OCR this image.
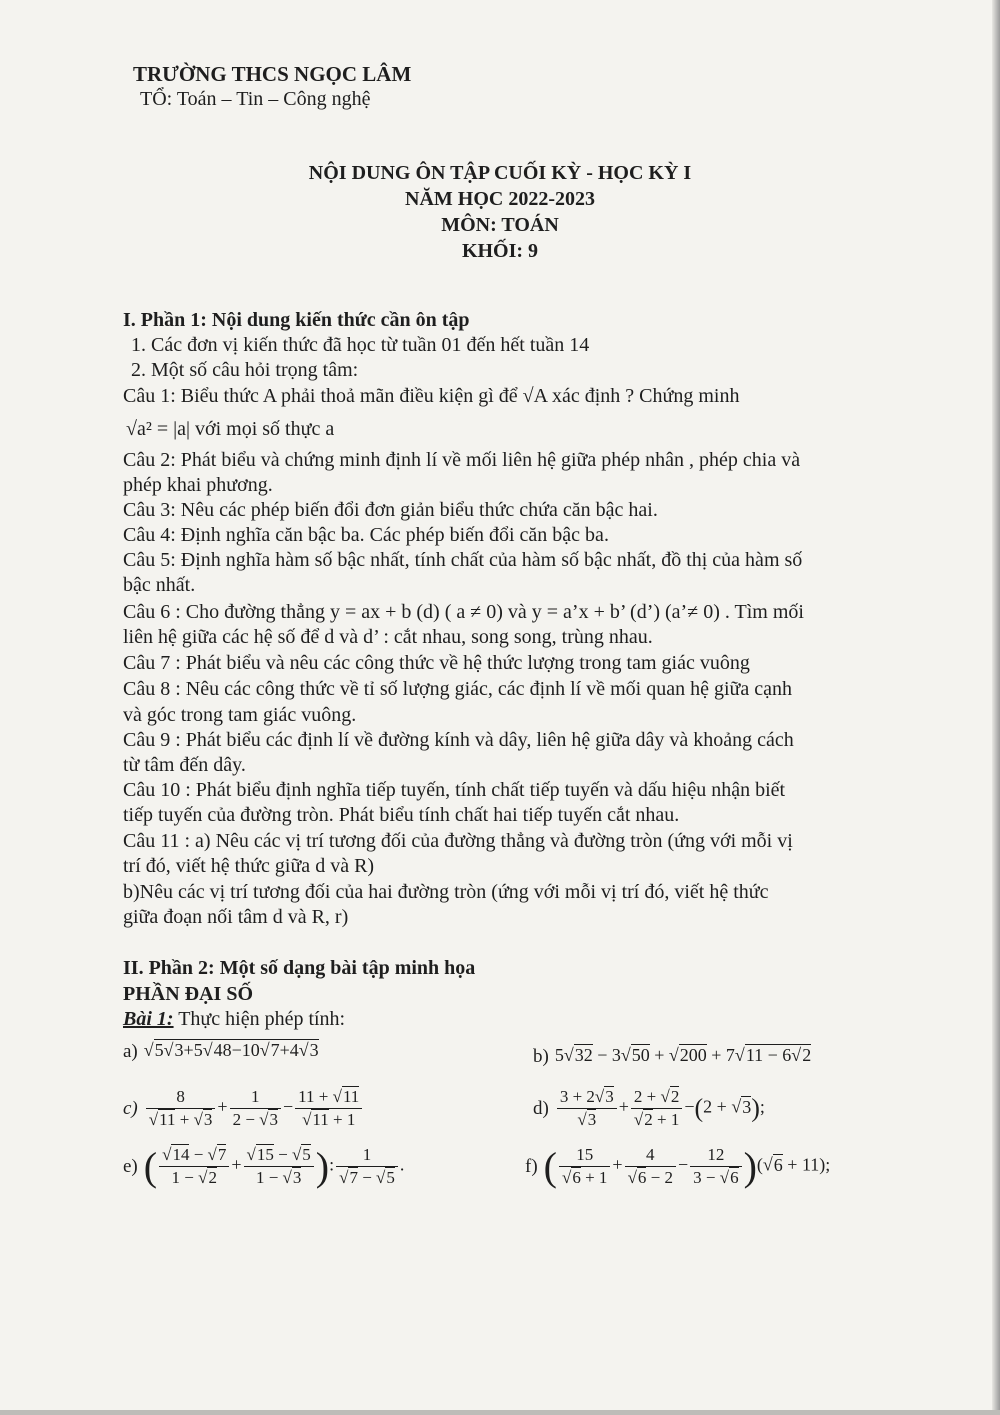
TRƯỜNG THCS NGỌC LÂM
TỔ: Toán – Tin – Công nghệ
NỘI DUNG ÔN TẬP CUỐI KỲ - HỌC KỲ I
NĂM HỌC 2022-2023
MÔN: TOÁN
KHỐI: 9
I. Phần 1: Nội dung kiến thức cần ôn tập
1. Các đơn vị kiến thức đã học từ tuần 01 đến hết tuần 14
2. Một số câu hỏi trọng tâm:
Câu 1: Biểu thức A phải thoả mãn điều kiện gì để √A xác định ? Chứng minh
√a² = |a| với mọi số thực a
Câu 2: Phát biểu và chứng minh định lí về mối liên hệ giữa phép nhân , phép chia và
phép khai phương.
Câu 3: Nêu các phép biến đổi đơn giản biểu thức chứa căn bậc hai.
Câu 4: Định nghĩa căn bậc ba. Các phép biến đổi căn bậc ba.
Câu 5: Định nghĩa hàm số bậc nhất, tính chất của hàm số bậc nhất, đồ thị của hàm số
bậc nhất.
Câu 6 : Cho đường thẳng y = ax + b (d) ( a ≠ 0) và y = a’x + b’ (d’) (a’≠ 0) . Tìm mối
liên hệ giữa các hệ số để d và d’ : cắt nhau, song song, trùng nhau.
Câu 7 : Phát biểu và nêu các công thức về hệ thức lượng trong tam giác vuông
Câu 8 : Nêu các công thức về tỉ số lượng giác, các định lí về mối quan hệ giữa cạnh
và góc trong tam giác vuông.
Câu 9 : Phát biểu các định lí về đường kính và dây, liên hệ giữa dây và khoảng cách
từ tâm đến dây.
Câu 10 : Phát biểu định nghĩa tiếp tuyến, tính chất tiếp tuyến và dấu hiệu nhận biết
tiếp tuyến của đường tròn. Phát biểu tính chất hai tiếp tuyến cắt nhau.
Câu 11 : a) Nêu các vị trí tương đối của đường thẳng và đường tròn (ứng với mỗi vị
trí đó, viết hệ thức giữa d và R)
b)Nêu các vị trí tương đối của hai đường tròn (ứng với mỗi vị trí đó, viết hệ thức
giữa đoạn nối tâm d và R, r)
II. Phần 2: Một số dạng bài tập minh họa
PHẦN ĐẠI SỐ
Bài 1: Thực hiện phép tính:
a) √5√3+5√48−10√7+4√3	b) 5√32 − 3√50 + √200 + 7√11 − 6√2
$c) \frac{8}{√11 + √3} + \frac{1}{2 - √3} - \frac{11 + √11}{√11 + 1}$	$d) \frac{3 + 2√3}{√3} + \frac{2 + √2}{√2 + 1} -(2 + √3)$;
e) ( $\frac{√14 - √7}{1 - √2} + \frac{√15 - √5}{1 - √3}$ ): $\frac{1}{√7 - √5}$ .	f) ( $\frac{15}{√6 + 1} + \frac{4}{√6 - 2} - \frac{12}{3 - √6} )(√6 + 11)$;
